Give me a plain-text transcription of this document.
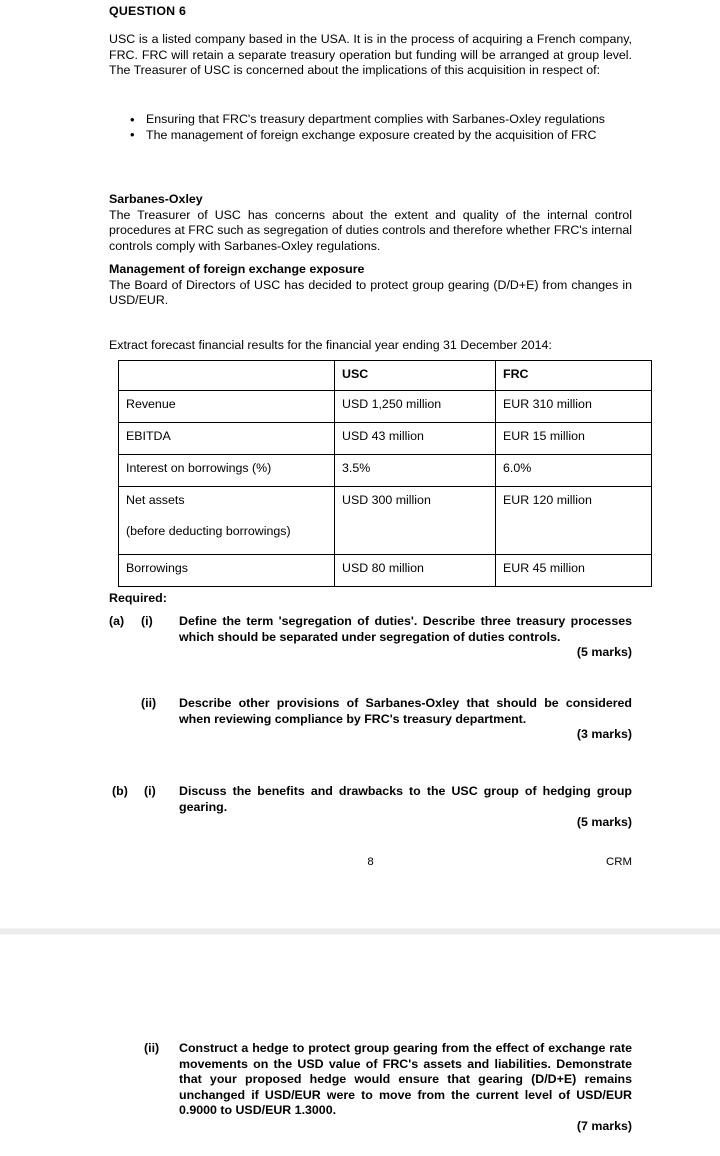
QUESTION 6

USC is a listed company based in the USA. It is in the process of acquiring a French company, FRC. FRC will retain a separate treasury operation but funding will be arranged at group level. The Treasurer of USC is concerned about the implications of this acquisition in respect of:

• Ensuring that FRC's treasury department complies with Sarbanes-Oxley regulations
• The management of foreign exchange exposure created by the acquisition of FRC
Sarbanes-Oxley

The Treasurer of USC has concerns about the extent and quality of the internal control procedures at FRC such as segregation of duties controls and therefore whether FRC's internal controls comply with Sarbanes-Oxley regulations.

Management of foreign exchange exposure

The Board of Directors of USC has decided to protect group gearing (D/D+E) from changes in USD/EUR.

Extract forecast financial results for the financial year ending 31 December 2014:

	USC	FRC
Revenue	USD 1,250 million	EUR 310 million
EBITDA	USD 43 million	EUR 15 million
Interest on borrowings (%)	3.5%	6.0%
Net assets
(before deducting borrowings)	USD 300 million	EUR 120 million
Borrowings	USD 80 million	EUR 45 million
Required:
(a)	(i)	Define the term 'segregation of duties'. Describe three treasury processes which should be separated under segregation of duties controls.
(5 marks)
(ii)	Describe other provisions of Sarbanes-Oxley that should be considered when reviewing compliance by FRC's treasury department.
(3 marks)
(b)	(i)	Discuss the benefits and drawbacks to the USC group of hedging group gearing.
(5 marks)
8	CRM
(ii)	Construct a hedge to protect group gearing from the effect of exchange rate movements on the USD value of FRC's assets and liabilities. Demonstrate that your proposed hedge would ensure that gearing (D/D+E) remains unchanged if USD/EUR were to move from the current level of USD/EUR 0.9000 to USD/EUR 1.3000.
(7 marks)
